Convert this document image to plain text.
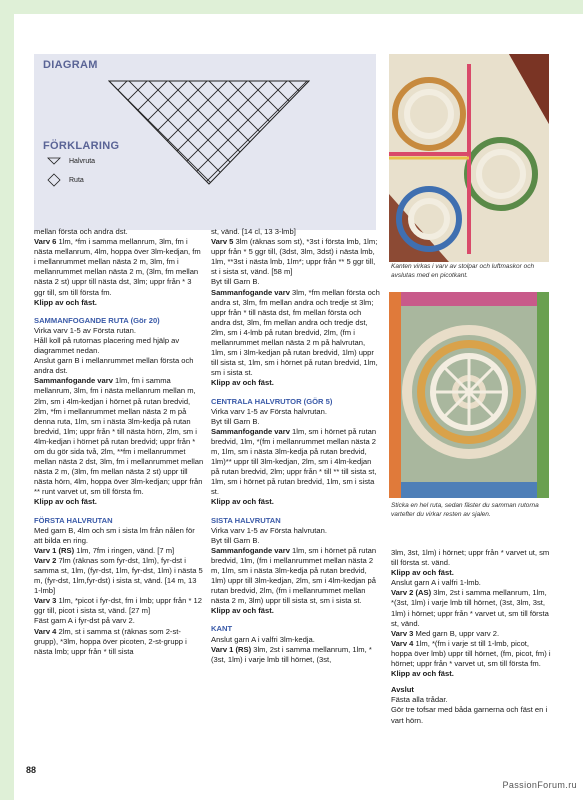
DIAGRAM
FÖRKLARING
Halvruta
Ruta
Kanten virkas i varv av stolpar och luftmaskor och avslutas med en picotkant.
Sticka en hel ruta, sedan fäster du samman rutorna vartefter du virkar resten av sjalen.

mellan första och andra dst.

Varv 6 1lm, *fm i samma mellanrum, 3lm, fm i nästa mellanrum, 4lm, hoppa över 3lm-kedjan, fm i mellanrummet mellan nästa 2 m, 3lm, fm i mellanrummet mellan nästa 2 m, (3lm, fm mellan nästa 2 st) uppr till nästa dst, 3lm; uppr från * 3 ggr till, sm till första fm.

Klipp av och fäst.

SAMMANFOGANDE RUTA (Gör 20)

Virka varv 1-5 av Första rutan.
Håll koll på rutornas placering med hjälp av diagrammet nedan.
Anslut garn B i mellanrummet mellan första och andra dst.

Sammanfogande varv 1lm, fm i samma mellanrum, 3lm, fm i nästa mellanrum mellan m, 2lm, sm i 4lm-kedjan i hörnet på rutan bredvid, 2lm, *fm i mellanrummet mellan nästa 2 m på denna ruta, 1lm, sm i nästa 3lm-kedja på rutan bredvid, 1lm; uppr från * till nästa hörn, 2lm, sm i 4lm-kedjan i hörnet på rutan bredvid; uppr från * om du gör sida två, 2lm, **fm i mellanrummet mellan nästa 2 dst, 3lm, fm i mellanrummet mellan nästa 2 m, (3lm, fm mellan nästa 2 st) uppr till nästa hörn, 4lm, hoppa över 3lm-kedjan; uppr från ** runt varvet ut, sm till första fm.

Klipp av och fäst.

FÖRSTA HALVRUTAN

Med garn B, 4lm och sm i sista lm från nålen för att bilda en ring.

Varv 1 (RS) 1lm, 7fm i ringen, vänd. [7 m]

Varv 2 7lm (räknas som fyr-dst, 1lm), fyr-dst i samma st, 1lm, (fyr-dst, 1lm, fyr-dst, 1lm) i nästa 5 m, (fyr-dst, 1lm,fyr-dst) i sista st, vänd. [14 m, 13 1-lmb]

Varv 3 1lm, *picot i fyr-dst, fm i lmb; uppr från * 12 ggr till, picot i sista st, vänd. [27 m]

Fäst garn A i fyr-dst på varv 2.

Varv 4 2lm, st i samma st (räknas som 2-st-grupp), *3lm, hoppa över picoten, 2-st-grupp i nästa lmb; uppr från * till sista

st, vänd. [14 cl, 13 3-lmb]

Varv 5 3lm (räknas som st), *3st i första lmb, 1lm; uppr från * 5 ggr till, (3dst, 3lm, 3dst) i nästa lmb, 1lm, **3st i nästa lmb, 1lm*; uppr från ** 5 ggr till, st i sista st, vänd. [58 m]

Byt till Garn B.

Sammanfogande varv 3lm, *fm mellan första och andra st, 3lm, fm mellan andra och tredje st 3lm; uppr från * till nästa dst, fm mellan första och andra dst, 3lm, fm mellan andra och tredje dst, 2lm, sm i 4-lmb på rutan bredvid, 2lm, (fm i mellanrummet mellan nästa 2 m på halvrutan, 1lm, sm i 3lm-kedjan på rutan bredvid, 1lm) uppr till sista st, 1lm, sm i hörnet på rutan bredvid, 1lm, sm i sista st.

Klipp av och fäst.

CENTRALA HALVRUTOR (GÖR 5)

Virka varv 1-5 av Första halvrutan.
Byt till Garn B.

Sammanfogande varv 1lm, sm i hörnet på rutan bredvid, 1lm, *(fm i mellanrummet mellan nästa 2 m, 1lm, sm i nästa 3lm-kedja på rutan bredvid, 1lm)** uppr till 3lm-kedjan, 2lm, sm i 4lm-kedjan på rutan bredvid, 2lm; uppr från * till ** till sista st, 1lm, sm i hörnet på rutan bredvid, 1lm, sm i sista st.

Klipp av och fäst.

SISTA HALVRUTAN

Virka varv 1-5 av Första halvrutan.
Byt till Garn B.

Sammanfogande varv 1lm, sm i hörnet på rutan bredvid, 1lm, (fm i mellanrummet mellan nästa 2 m, 1lm, sm i nästa 3lm-kedja på rutan bredvid, 1lm) uppr till 3lm-kedjan, 2lm, sm i 4lm-kedjan på rutan bredvid, 2lm, (fm i mellanrummet mellan nästa 2 m, 3lm) uppr till sista st, sm i sista st.

Klipp av och fäst.

KANT

Anslut garn A i valfri 3lm-kedja.

Varv 1 (RS) 3lm, 2st i samma mellanrum, 1lm, *(3st, 1lm) i varje lmb till hörnet, (3st,

3lm, 3st, 1lm) i hörnet; uppr från * varvet ut, sm till första st. vänd.

Klipp av och fäst.

Anslut garn A i valfri 1-lmb.

Varv 2 (AS) 3lm, 2st i samma mellanrum, 1lm, *(3st, 1lm) i varje lmb till hörnet, (3st, 3lm, 3st, 1lm) i hörnet; uppr från * varvet ut, sm till första st, vänd.

Varv 3 Med garn B, uppr varv 2.

Varv 4 1lm, *(fm i varje st till 1-lmb, picot, hoppa över lmb) uppr till hörnet, (fm, picot, fm) i hörnet; uppr från * varvet ut, sm till första fm.

Klipp av och fäst.

Avslut

Fästa alla trådar.
Gör tre tofsar med båda garnerna och fäst en i vart hörn.

88
PassionForum.ru
